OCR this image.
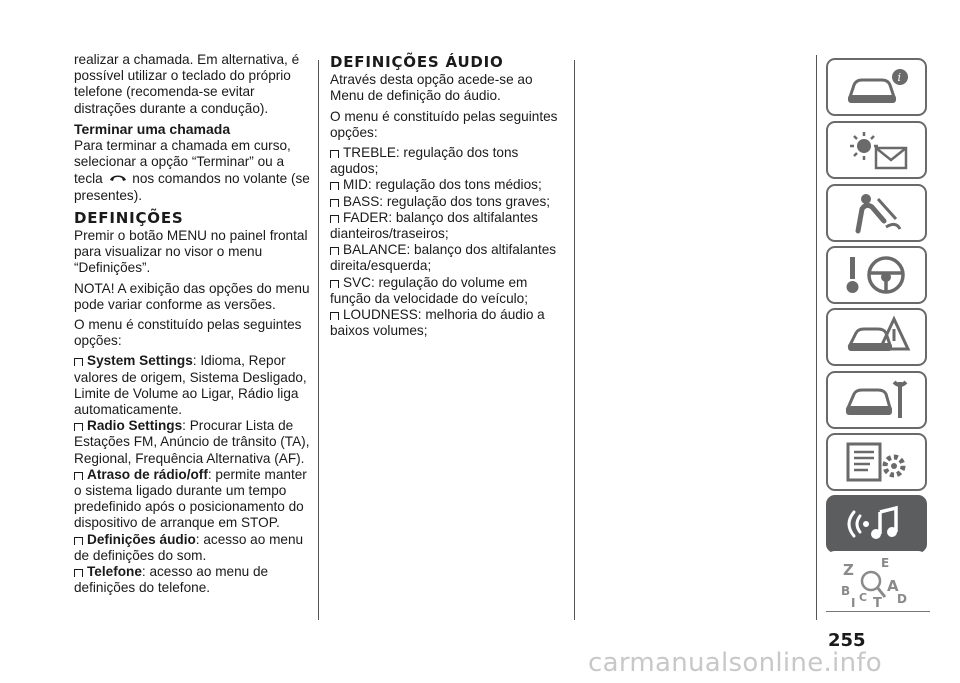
realizar a chamada. Em alternativa, é possível utilizar o teclado do próprio telefone (recomenda-se evitar distrações durante a condução).

Terminar uma chamada

Para terminar a chamada em curso, selecionar a opção “Terminar” ou a tecla nos comandos no volante (se presentes).

DEFINIÇÕES

Premir o botão MENU no painel frontal para visualizar no visor o menu “Definições”.

NOTA! A exibição das opções do menu pode variar conforme as versões.

O menu é constituído pelas seguintes opções:

System Settings: Idioma, Repor valores de origem, Sistema Desligado, Limite de Volume ao Ligar, Rádio liga automaticamente.
Radio Settings: Procurar Lista de Estações FM, Anúncio de trânsito (TA), Regional, Frequência Alternativa (AF).
Atraso de rádio/off: permite manter o sistema ligado durante um tempo predefinido após o posicionamento do dispositivo de arranque em STOP.
Definições áudio: acesso ao menu de definições do som.
Telefone: acesso ao menu de definições do telefone.
DEFINIÇÕES ÁUDIO

Através desta opção acede-se ao Menu de definição do áudio.

O menu é constituído pelas seguintes opções:

TREBLE: regulação dos tons agudos;
MID: regulação dos tons médios;
BASS: regulação dos tons graves;
FADER: balanço dos altifalantes dianteiros/traseiros;
BALANCE: balanço dos altifalantes direita/esquerda;
SVC: regulação do volume em função da velocidade do veículo;
LOUDNESS: melhoria do áudio a baixos volumes;
i
Z E
B A
I C T D
255
carmanualsonline.info
